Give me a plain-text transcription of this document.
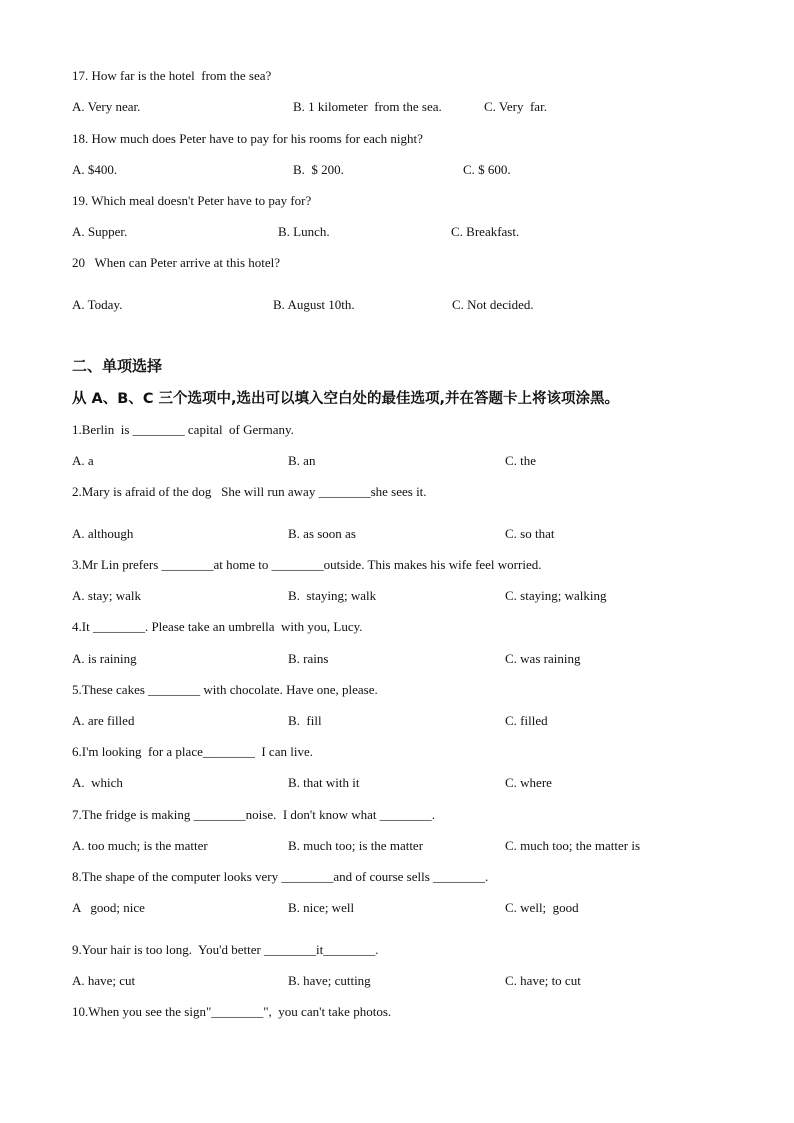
17. How far is the hotel  from the sea?
A. Very near.	B. 1 kilometer  from the sea.	C. Very  far.
18. How much does Peter have to pay for his rooms for each night?
A. $400.	B.  $ 200.	C. $ 600.
19. Which meal doesn't Peter have to pay for?
A. Supper.	B. Lunch.	C. Breakfast.
20   When can Peter arrive at this hotel?
A. Today.	B. August 10th.	C. Not decided.
二、单项选择
从 A、B、C 三个选项中,选出可以填入空白处的最佳选项,并在答题卡上将该项涂黑。
1.Berlin  is ________ capital  of Germany.
A. a	B. an	C. the
2.Mary is afraid of the dog   She will run away ________she sees it.
A. although	B. as soon as	C. so that
3.Mr Lin prefers ________at home to ________outside. This makes his wife feel worried.
A. stay; walk	B.  staying; walk	C. staying; walking
4.It ________. Please take an umbrella  with you, Lucy.
A. is raining	B. rains	C. was raining
5.These cakes ________ with chocolate. Have one, please.
A. are filled	B.  fill	C. filled
6.I'm looking  for a place________  I can live.
A.  which	B. that with it	C. where
7.The fridge is making ________noise.  I don't know what ________.
A. too much; is the matter	B. much too; is the matter	C. much too; the matter is
8.The shape of the computer looks very ________and of course sells ________.
A   good; nice	B. nice; well	C. well;  good
9.Your hair is too long.  You'd better ________it________.
A. have; cut	B. have; cutting	C. have; to cut
10.When you see the sign"________",  you can't take photos.
